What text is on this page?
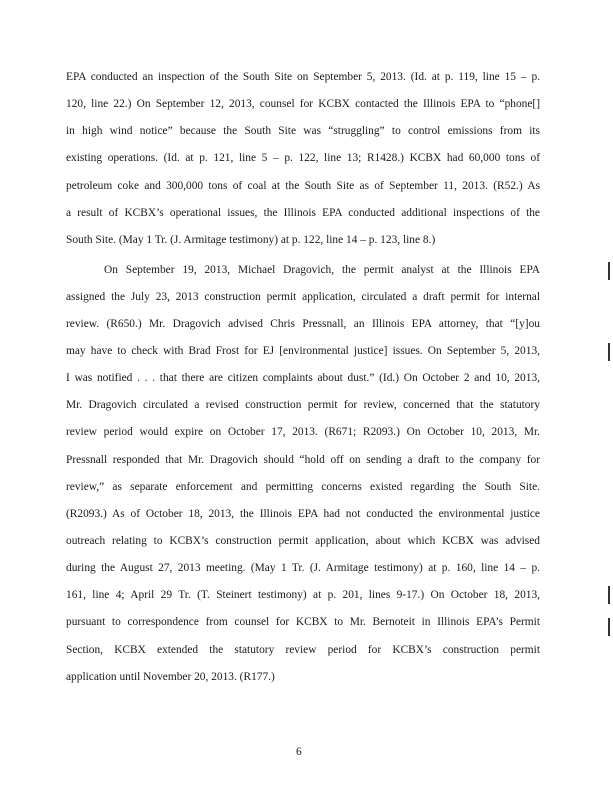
EPA conducted an inspection of the South Site on September 5, 2013. (Id. at p. 119, line 15 – p.
120, line 22.) On September 12, 2013, counsel for KCBX contacted the Illinois EPA to “phone[]
in high wind notice” because the South Site was “struggling” to control emissions from its
existing operations. (Id. at p. 121, line 5 – p. 122, line 13; R1428.) KCBX had 60,000 tons of
petroleum coke and 300,000 tons of coal at the South Site as of September 11, 2013. (R52.) As
a result of KCBX’s operational issues, the Illinois EPA conducted additional inspections of the
South Site. (May 1 Tr. (J. Armitage testimony) at p. 122, line 14 – p. 123, line 8.)
On September 19, 2013, Michael Dragovich, the permit analyst at the Illinois EPA
assigned the July 23, 2013 construction permit application, circulated a draft permit for internal
review. (R650.) Mr. Dragovich advised Chris Pressnall, an Illinois EPA attorney, that “[y]ou
may have to check with Brad Frost for EJ [environmental justice] issues. On September 5, 2013,
I was notified . . . that there are citizen complaints about dust.” (Id.) On October 2 and 10, 2013,
Mr. Dragovich circulated a revised construction permit for review, concerned that the statutory
review period would expire on October 17, 2013. (R671; R2093.) On October 10, 2013, Mr.
Pressnall responded that Mr. Dragovich should “hold off on sending a draft to the company for
review,” as separate enforcement and permitting concerns existed regarding the South Site.
(R2093.) As of October 18, 2013, the Illinois EPA had not conducted the environmental justice
outreach relating to KCBX’s construction permit application, about which KCBX was advised
during the August 27, 2013 meeting. (May 1 Tr. (J. Armitage testimony) at p. 160, line 14 – p.
161, line 4; April 29 Tr. (T. Steinert testimony) at p. 201, lines 9-17.) On October 18, 2013,
pursuant to correspondence from counsel for KCBX to Mr. Bernoteit in Illinois EPA’s Permit
Section, KCBX extended the statutory review period for KCBX’s construction permit
application until November 20, 2013. (R177.)
6
